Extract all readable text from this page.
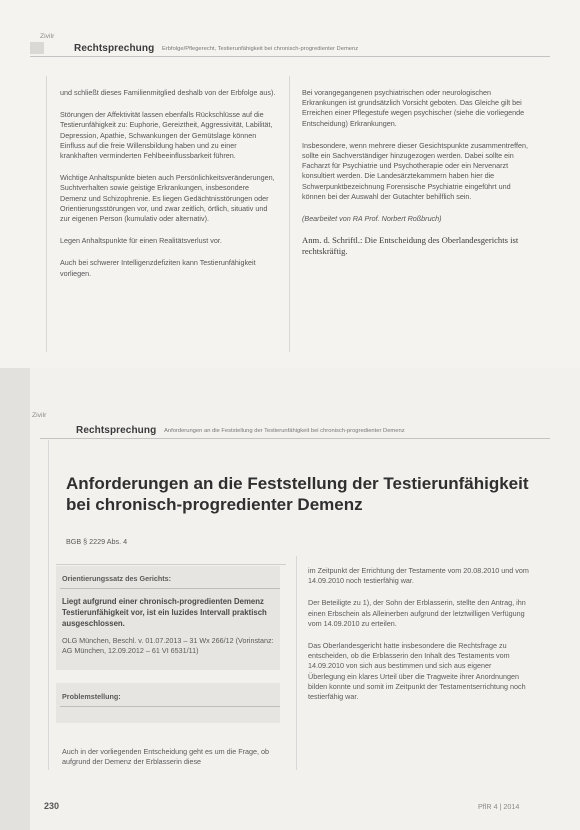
Zivilr
Rechtsprechung Erbfolge/Pflegerecht, Testierunfähigkeit bei chronisch-progredienter Demenz

und schließt dieses Familienmitglied deshalb von der Erbfolge aus).

Störungen der Affektivität lassen ebenfalls Rückschlüsse auf die Testierunfähigkeit zu: Euphorie, Gereiztheit, Aggressivität, Labilität, Depression, Apathie, Schwankungen der Gemütslage können Einfluss auf die freie Willensbildung haben und zu einer krankhaften verminderten Fehlbeeinflussbarkeit führen.

Wichtige Anhaltspunkte bieten auch Persönlichkeitsveränderungen, Suchtverhalten sowie geistige Erkrankungen, insbesondere Demenz und Schizophrenie. Es liegen Gedächtnisstörungen oder Orientierungsstörungen vor, und zwar zeitlich, örtlich, situativ und zur eigenen Person (kumulativ oder alternativ).

Legen Anhaltspunkte für einen Realitätsverlust vor.

Auch bei schwerer Intelligenzdefiziten kann Testierunfähigkeit vorliegen.

Bei vorangegangenen psychiatrischen oder neurologischen Erkrankungen ist grundsätzlich Vorsicht geboten. Das Gleiche gilt bei Erreichen einer Pflegestufe wegen psychischer (siehe die vorliegende Entscheidung) Erkrankungen.

Insbesondere, wenn mehrere dieser Gesichtspunkte zusammentreffen, sollte ein Sachverständiger hinzugezogen werden. Dabei sollte ein Facharzt für Psychiatrie und Psychotherapie oder ein Nervenarzt konsultiert werden. Die Landesärztekammern haben hier die Schwerpunktbezeichnung Forensische Psychiatrie eingeführt und können bei der Auswahl der Gutachter behilflich sein.

(Bearbeitet von RA Prof. Norbert Roßbruch)

Anm. d. Schriftl.: Die Entscheidung des Oberlandesgerichts ist rechtskräftig.

Zivilr
Rechtsprechung Anforderungen an die Feststellung der Testierunfähigkeit bei chronisch-progredienter Demenz
Anforderungen an die Feststellung der Testierunfähigkeit
bei chronisch-progredienter Demenz
BGB § 2229 Abs. 4
Orientierungssatz des Gerichts:
Liegt aufgrund einer chronisch-progredienten Demenz Testierunfähigkeit vor, ist ein luzides Intervall praktisch ausgeschlossen.
OLG München, Beschl. v. 01.07.2013 – 31 Wx 266/12 (Vorinstanz: AG München, 12.09.2012 – 61 VI 6531/11)
Problemstellung:
Auch in der vorliegenden Entscheidung geht es um die Frage, ob aufgrund der Demenz der Erblasserin diese

im Zeitpunkt der Errichtung der Testamente vom 20.08.2010 und vom 14.09.2010 noch testierfähig war.

Der Beteiligte zu 1), der Sohn der Erblasserin, stellte den Antrag, ihn einen Erbschein als Alleinerben aufgrund der letztwilligen Verfügung vom 14.09.2010 zu erteilen.

Das Oberlandesgericht hatte insbesondere die Rechtsfrage zu entscheiden, ob die Erblasserin den Inhalt des Testaments vom 14.09.2010 von sich aus bestimmen und sich aus eigener Überlegung ein klares Urteil über die Tragweite ihrer Anordnungen bilden konnte und somit im Zeitpunkt der Testamentserrichtung noch testierfähig war.

230	PflR 4 | 2014
